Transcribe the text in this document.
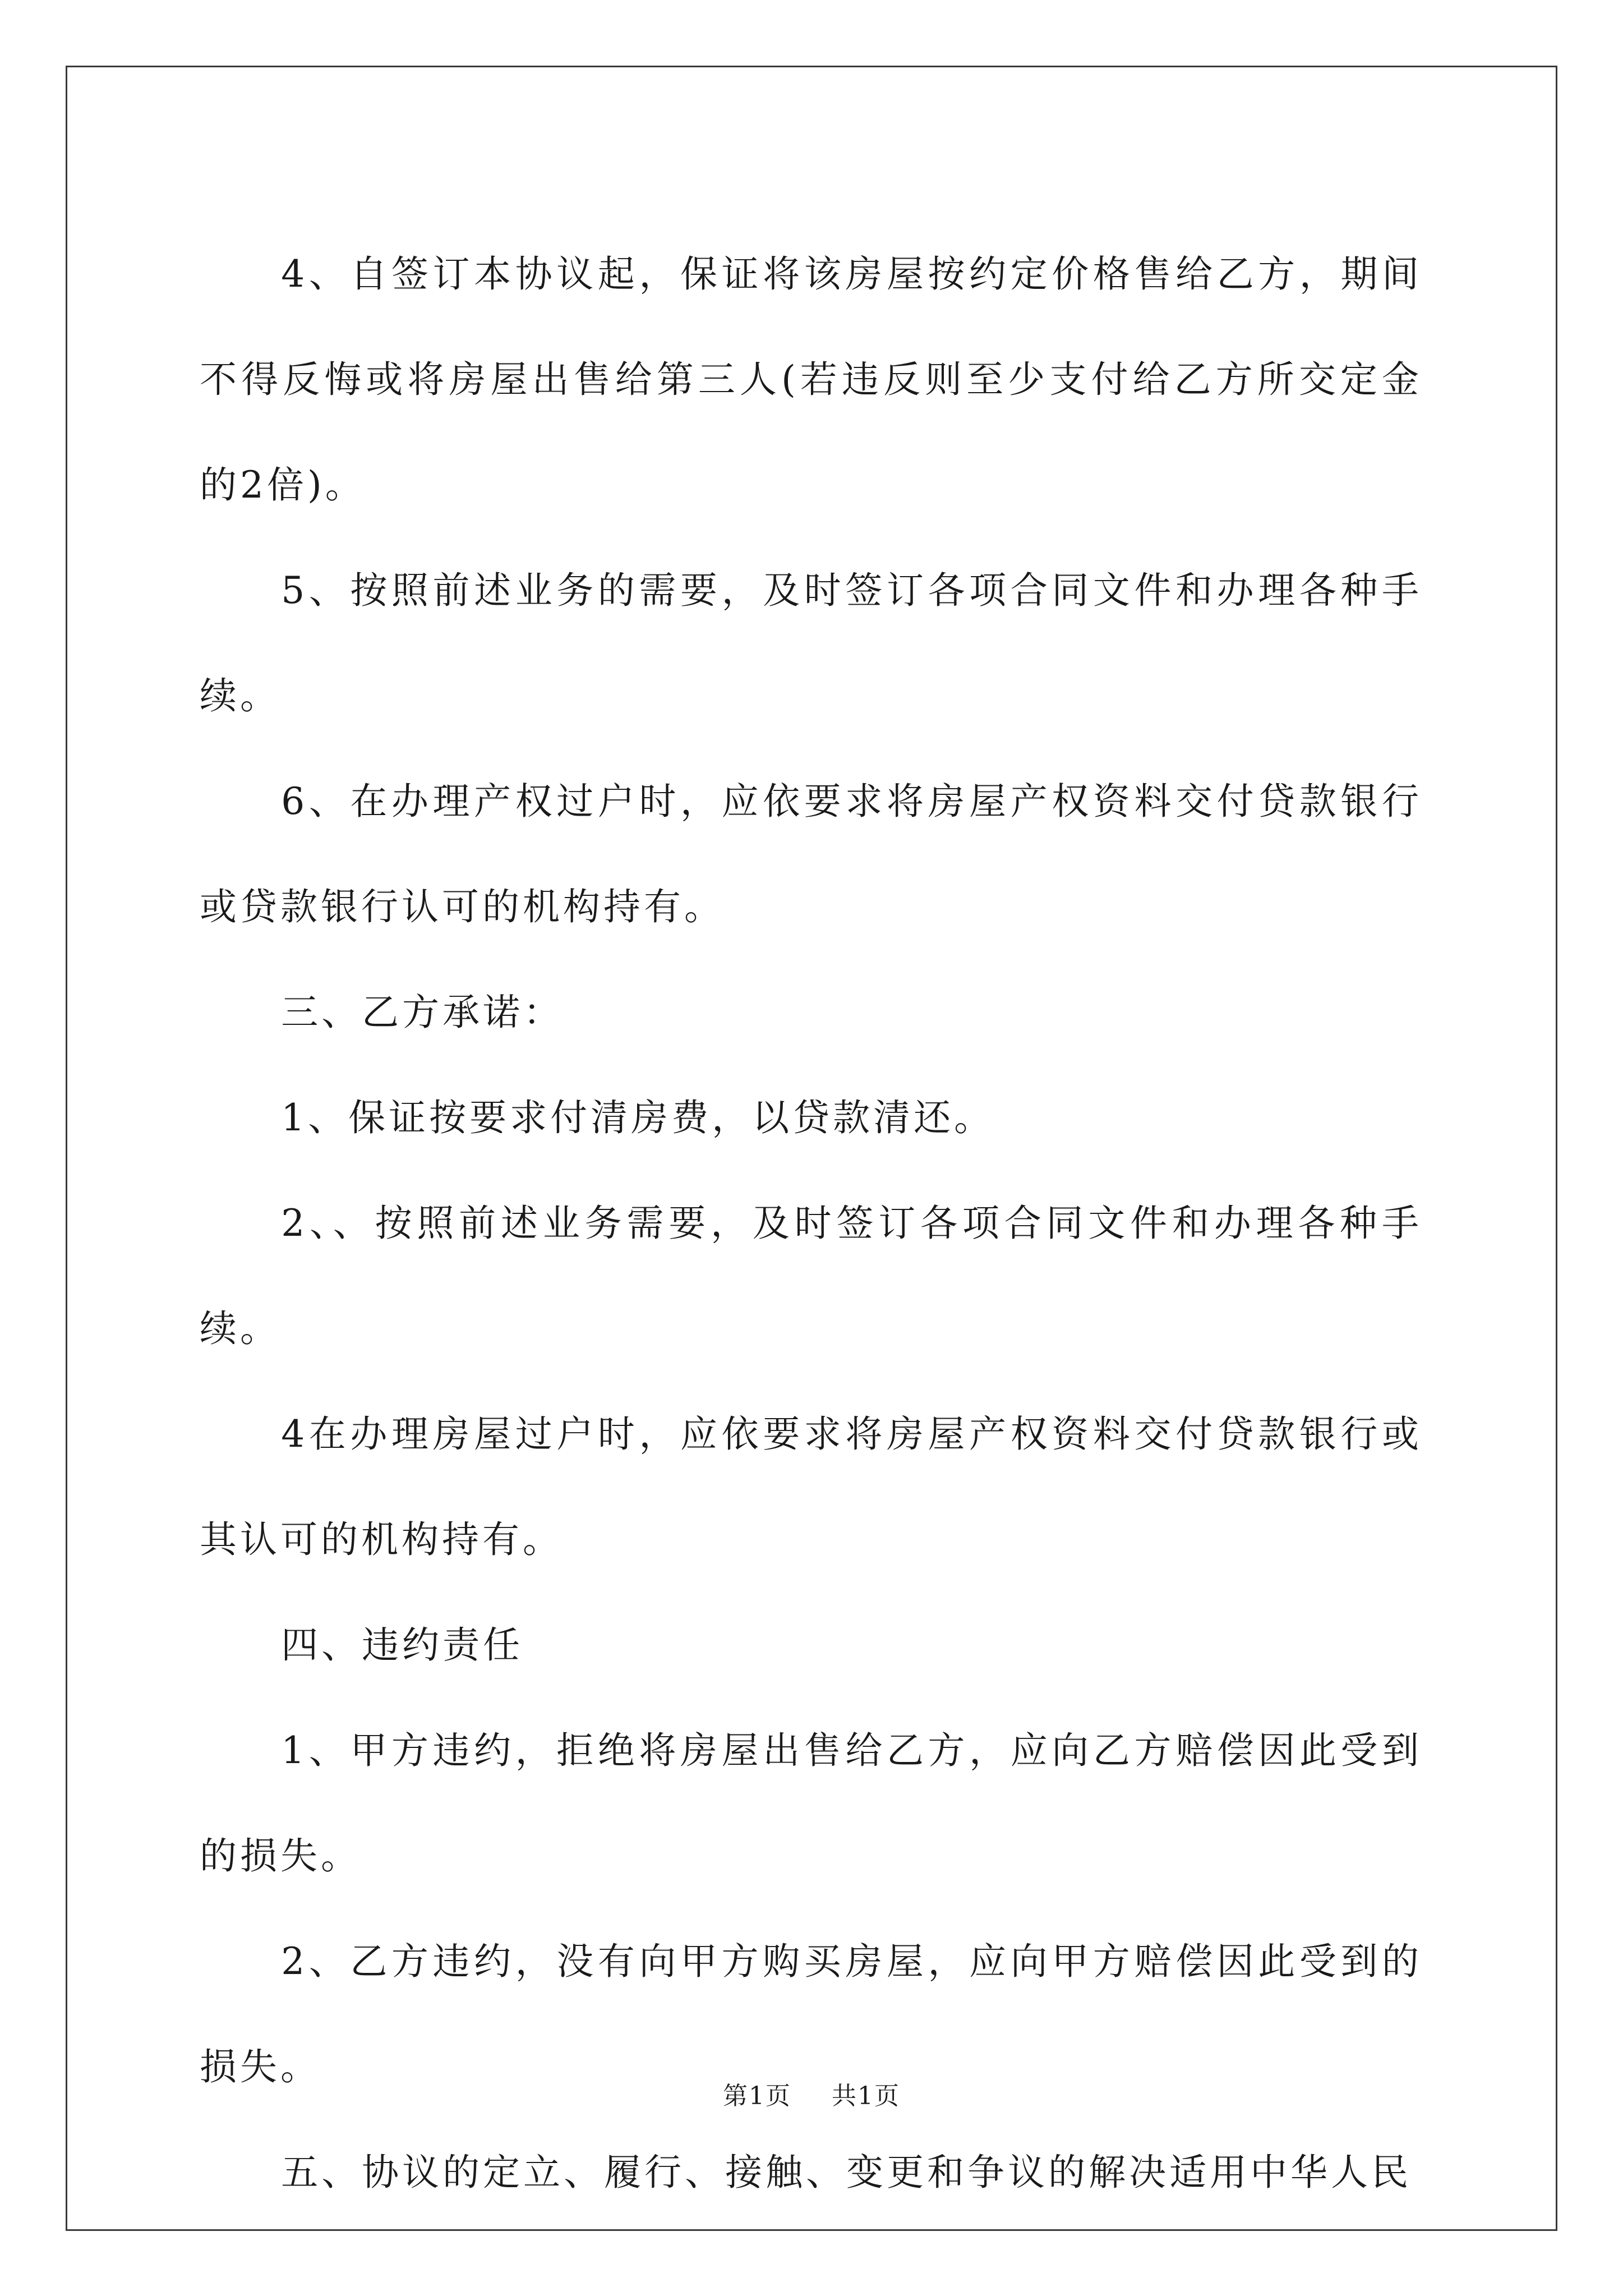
4、自签订本协议起，保证将该房屋按约定价格售给乙方，期间不得反悔或将房屋出售给第三人(若违反则至少支付给乙方所交定金的2倍)。

5、按照前述业务的需要，及时签订各项合同文件和办理各种手续。

6、在办理产权过户时，应依要求将房屋产权资料交付贷款银行或贷款银行认可的机构持有。

三、乙方承诺：

1、保证按要求付清房费，以贷款清还。

2、、按照前述业务需要，及时签订各项合同文件和办理各种手续。

4在办理房屋过户时，应依要求将房屋产权资料交付贷款银行或其认可的机构持有。

四、违约责任

1、甲方违约，拒绝将房屋出售给乙方，应向乙方赔偿因此受到的损失。

2、乙方违约，没有向甲方购买房屋，应向甲方赔偿因此受到的损失。

五、协议的定立、履行、接触、变更和争议的解决适用中华人民

第1页 共1页
